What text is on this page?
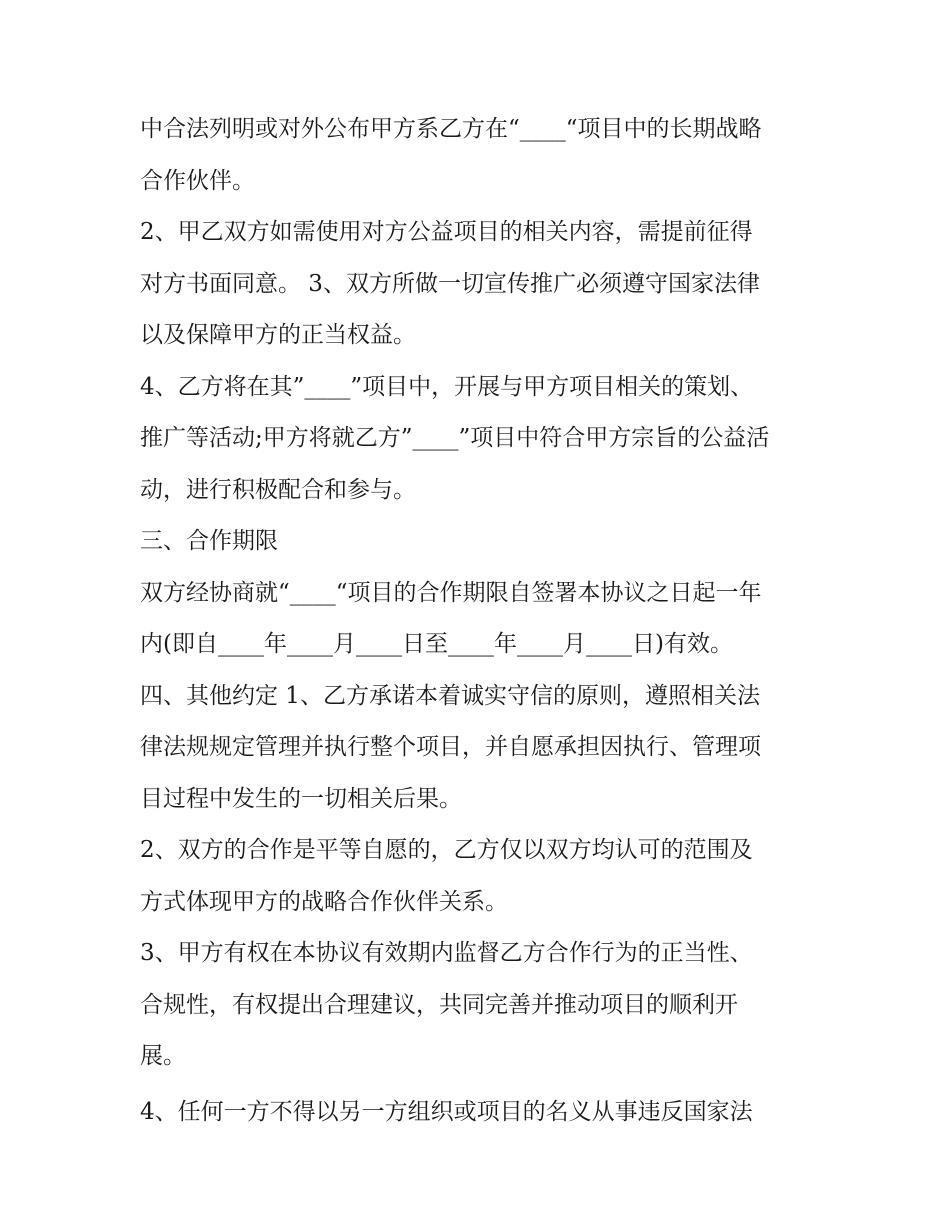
中合法列明或对外公布甲方系乙方在“____“项目中的长期战略
合作伙伴。

2、甲乙双方如需使用对方公益项目的相关内容，需提前征得
对方书面同意。 3、双方所做一切宣传推广必须遵守国家法律
以及保障甲方的正当权益。

4、乙方将在其”____”项目中，开展与甲方项目相关的策划、
推广等活动;甲方将就乙方”____”项目中符合甲方宗旨的公益活
动，进行积极配合和参与。

三、合作期限

双方经协商就“____“项目的合作期限自签署本协议之日起一年
内(即自____年____月____日至____年____月____日)有效。

四、其他约定 1、乙方承诺本着诚实守信的原则，遵照相关法
律法规规定管理并执行整个项目，并自愿承担因执行、管理项
目过程中发生的一切相关后果。

2、双方的合作是平等自愿的，乙方仅以双方均认可的范围及
方式体现甲方的战略合作伙伴关系。

3、甲方有权在本协议有效期内监督乙方合作行为的正当性、
合规性，有权提出合理建议，共同完善并推动项目的顺利开
展。

4、任何一方不得以另一方组织或项目的名义从事违反国家法
